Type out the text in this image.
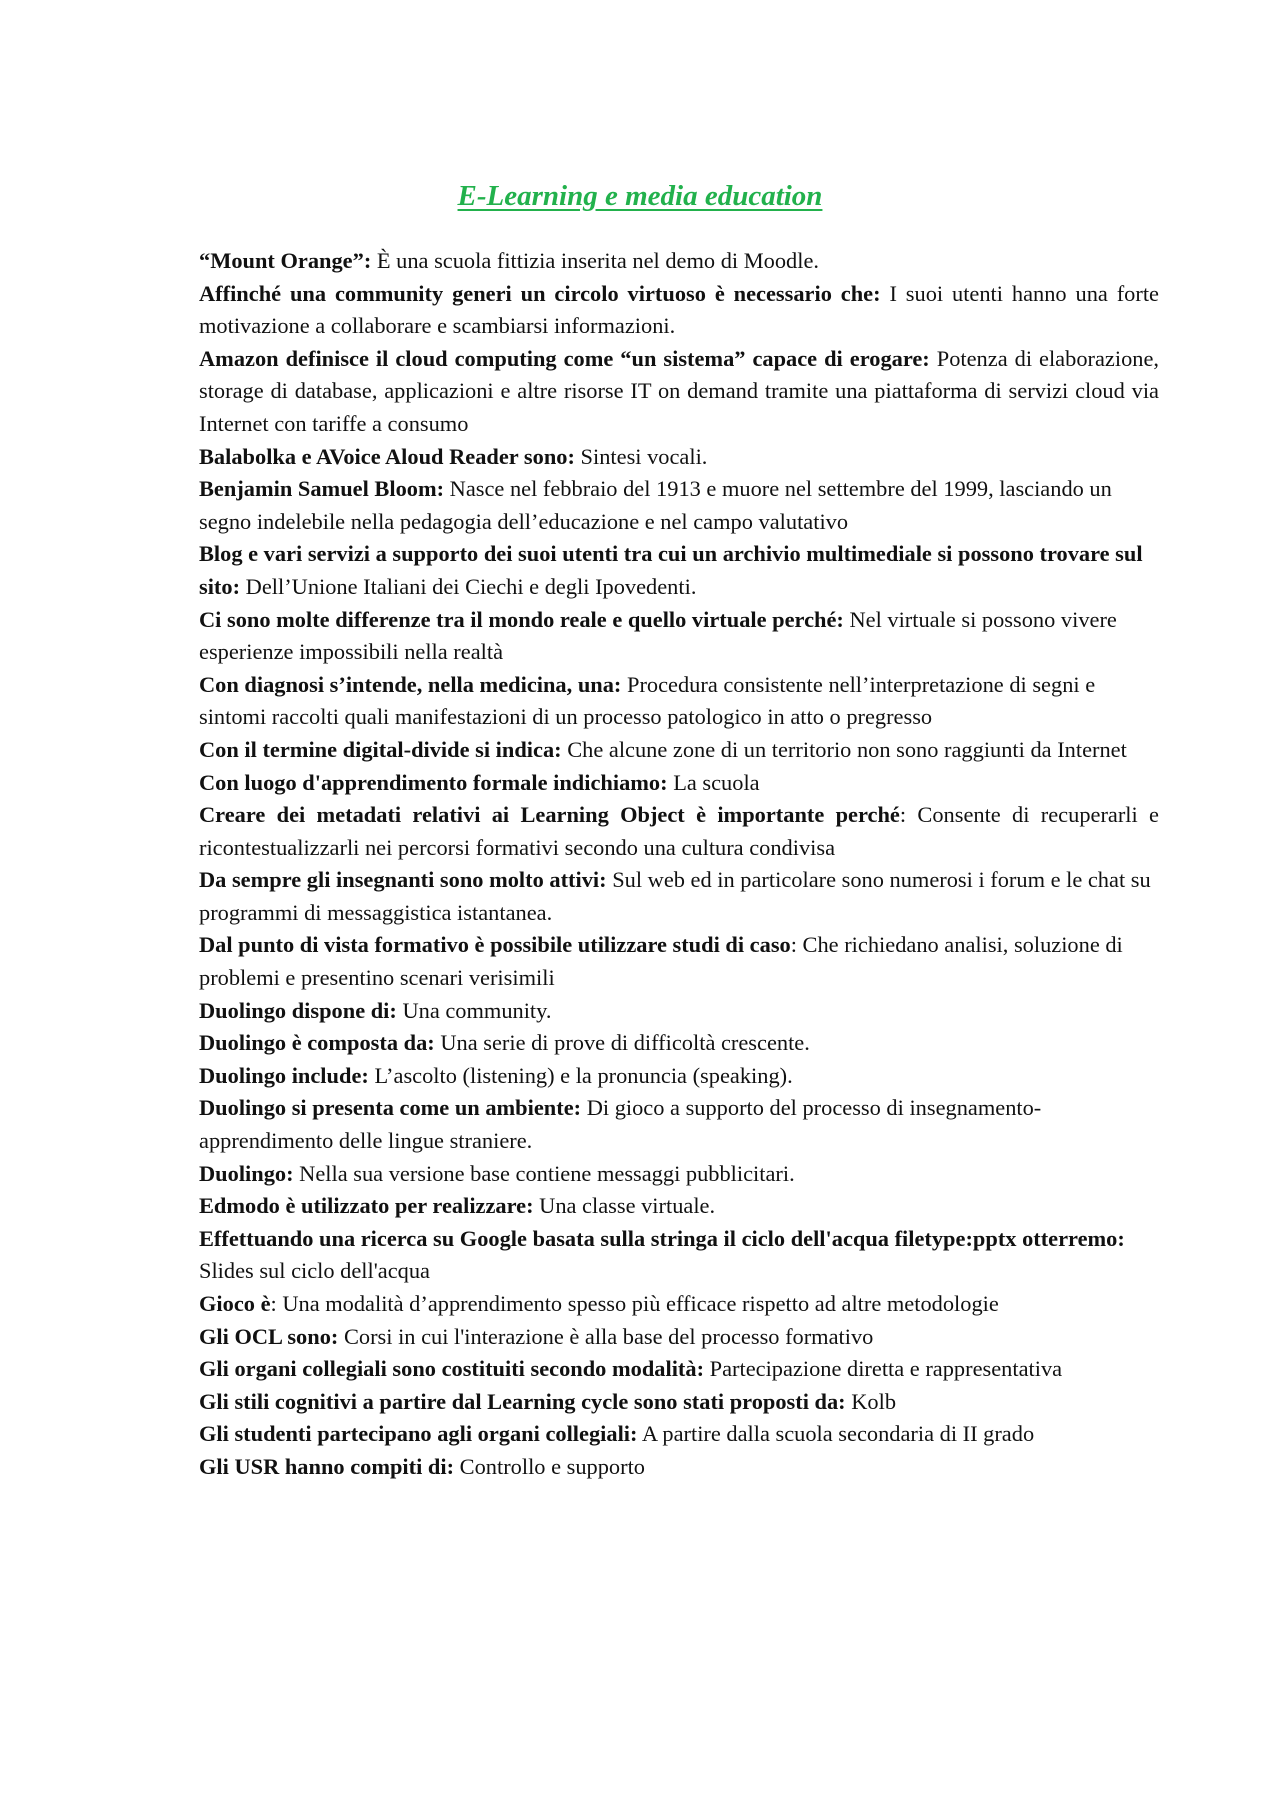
E-Learning e media education

“Mount Orange”: È una scuola fittizia inserita nel demo di Moodle.

Affinché una community generi un circolo virtuoso è necessario che: I suoi utenti hanno una forte motivazione a collaborare e scambiarsi informazioni.

Amazon definisce il cloud computing come “un sistema” capace di erogare: Potenza di elaborazione, storage di database, applicazioni e altre risorse IT on demand tramite una piattaforma di servizi cloud via Internet con tariffe a consumo

Balabolka e AVoice Aloud Reader sono: Sintesi vocali.

Benjamin Samuel Bloom: Nasce nel febbraio del 1913 e muore nel settembre del 1999, lasciando un segno indelebile nella pedagogia dell’educazione e nel campo valutativo

Blog e vari servizi a supporto dei suoi utenti tra cui un archivio multimediale si possono trovare sul sito: Dell’Unione Italiani dei Ciechi e degli Ipovedenti.

Ci sono molte differenze tra il mondo reale e quello virtuale perché: Nel virtuale si possono vivere esperienze impossibili nella realtà

Con diagnosi s’intende, nella medicina, una: Procedura consistente nell’interpretazione di segni e sintomi raccolti quali manifestazioni di un processo patologico in atto o pregresso

Con il termine digital-divide si indica: Che alcune zone di un territorio non sono raggiunti da Internet

Con luogo d'apprendimento formale indichiamo: La scuola

Creare dei metadati relativi ai Learning Object è importante perché: Consente di recuperarli e ricontestualizzarli nei percorsi formativi secondo una cultura condivisa

Da sempre gli insegnanti sono molto attivi: Sul web ed in particolare sono numerosi i forum e le chat su programmi di messaggistica istantanea.

Dal punto di vista formativo è possibile utilizzare studi di caso: Che richiedano analisi, soluzione di problemi e presentino scenari verisimili

Duolingo dispone di: Una community.

Duolingo è composta da: Una serie di prove di difficoltà crescente.

Duolingo include: L’ascolto (listening) e la pronuncia (speaking).

Duolingo si presenta come un ambiente: Di gioco a supporto del processo di insegnamento-apprendimento delle lingue straniere.

Duolingo: Nella sua versione base contiene messaggi pubblicitari.

Edmodo è utilizzato per realizzare: Una classe virtuale.

Effettuando una ricerca su Google basata sulla stringa il ciclo dell'acqua filetype:pptx otterremo:
Slides sul ciclo dell'acqua

Gioco è: Una modalità d’apprendimento spesso più efficace rispetto ad altre metodologie

Gli OCL sono: Corsi in cui l'interazione è alla base del processo formativo

Gli organi collegiali sono costituiti secondo modalità: Partecipazione diretta e rappresentativa

Gli stili cognitivi a partire dal Learning cycle sono stati proposti da: Kolb

Gli studenti partecipano agli organi collegiali: A partire dalla scuola secondaria di II grado

Gli USR hanno compiti di: Controllo e supporto
